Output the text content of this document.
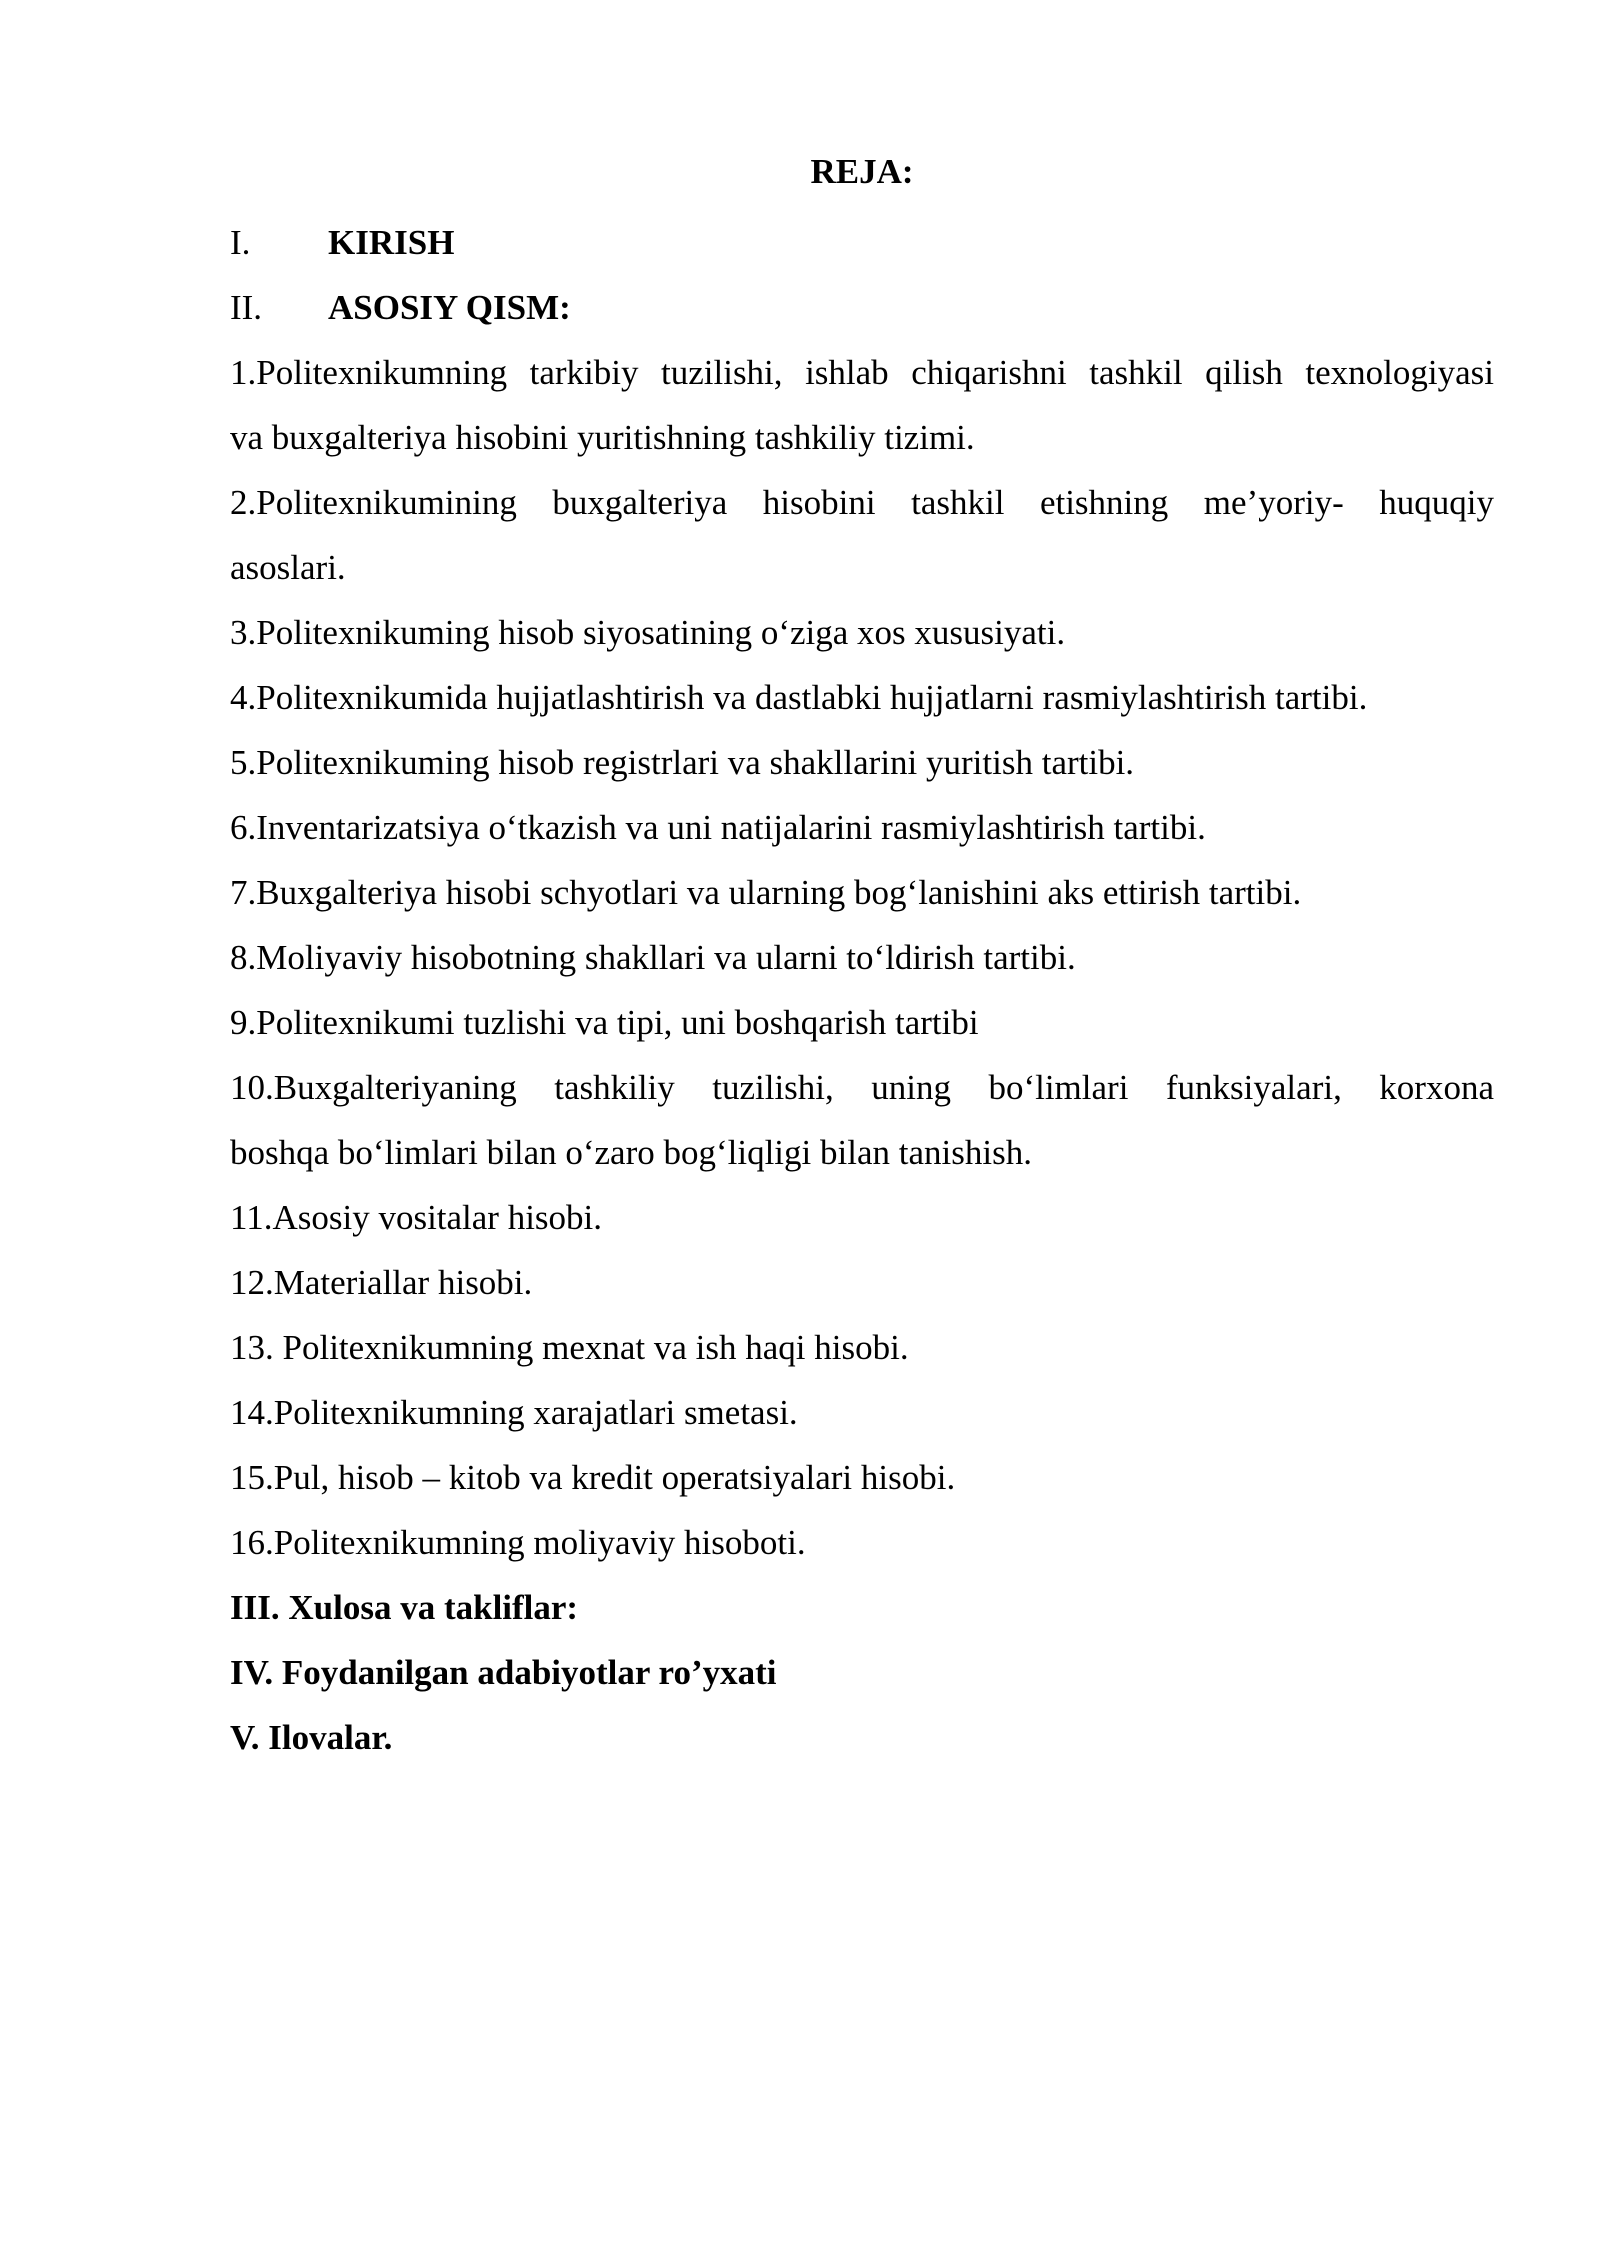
REJA:
I. KIRISH
II. ASOSIY QISM:
1.Politexnikumning tarkibiy tuzilishi, ishlab chiqarishni tashkil qilish texnologiyasi
va buxgalteriya hisobini yuritishning tashkiliy tizimi.
2.Politexnikumining buxgalteriya hisobini tashkil etishning me’yoriy- huquqiy
asoslari.
3.Politexnikuming hisob siyosatining o‘ziga xos xususiyati.
4.Politexnikumida hujjatlashtirish va dastlabki hujjatlarni rasmiylashtirish tartibi.
5.Politexnikuming hisob registrlari va shakllarini yuritish tartibi.
6.Inventarizatsiya o‘tkazish va uni natijalarini rasmiylashtirish tartibi.
7.Buxgalteriya hisobi schyotlari va ularning bog‘lanishini aks ettirish tartibi.
8.Moliyaviy hisobotning shakllari va ularni to‘ldirish tartibi.
9.Politexnikumi tuzlishi va tipi, uni boshqarish tartibi
10.Buxgalteriyaning tashkiliy tuzilishi, uning bo‘limlari funksiyalari, korxona
boshqa bo‘limlari bilan o‘zaro bog‘liqligi bilan tanishish.
11.Asosiy vositalar hisobi.
12.Materiallar hisobi.
13. Politexnikumning mexnat va ish haqi hisobi.
14.Politexnikumning xarajatlari smetasi.
15.Pul, hisob – kitob va kredit operatsiyalari hisobi.
16.Politexnikumning moliyaviy hisoboti.
III. Xulosa va takliflar:
IV. Foydanilgan adabiyotlar ro’yxati
V. Ilovalar.
